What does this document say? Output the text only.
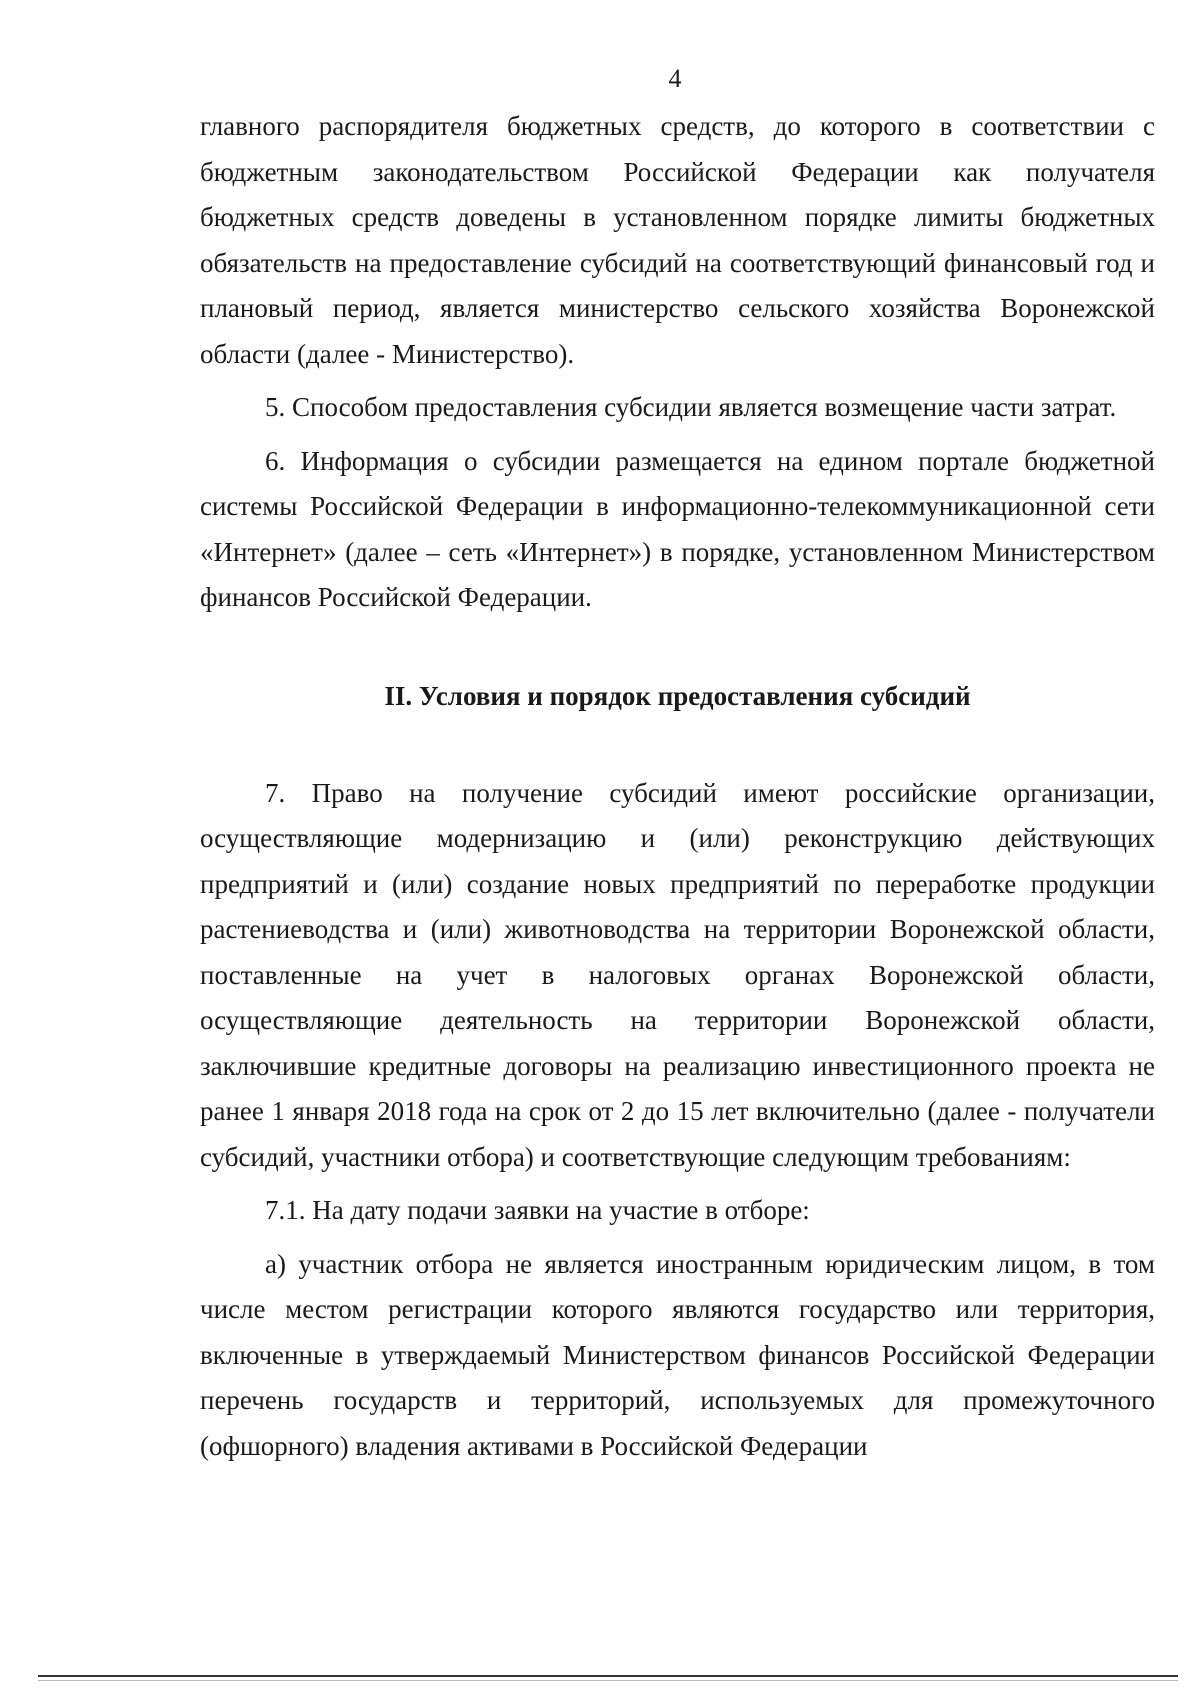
4

главного распорядителя бюджетных средств, до которого в соответствии с бюджетным законодательством Российской Федерации как получателя бюджетных средств доведены в установленном порядке лимиты бюджетных обязательств на предоставление субсидий на соответствующий финансовый год и плановый период, является министерство сельского хозяйства Воронежской области (далее - Министерство).

5. Способом предоставления субсидии является возмещение части затрат.

6. Информация о субсидии размещается на едином портале бюджетной системы Российской Федерации в информационно-телекоммуникационной сети «Интернет» (далее – сеть «Интернет») в порядке, установленном Министерством финансов Российской Федерации.

II. Условия и порядок предоставления субсидий

7. Право на получение субсидий имеют российские организации, осуществляющие модернизацию и (или) реконструкцию действующих предприятий и (или) создание новых предприятий по переработке продукции растениеводства и (или) животноводства на территории Воронежской области, поставленные на учет в налоговых органах Воронежской области, осуществляющие деятельность на территории Воронежской области, заключившие кредитные договоры на реализацию инвестиционного проекта не ранее 1 января 2018 года на срок от 2 до 15 лет включительно (далее - получатели субсидий, участники отбора) и соответствующие следующим требованиям:

7.1. На дату подачи заявки на участие в отборе:

а) участник отбора не является иностранным юридическим лицом, в том числе местом регистрации которого являются государство или территория, включенные в утверждаемый Министерством финансов Российской Федерации перечень государств и территорий, используемых для промежуточного (офшорного) владения активами в Российской Федерации
